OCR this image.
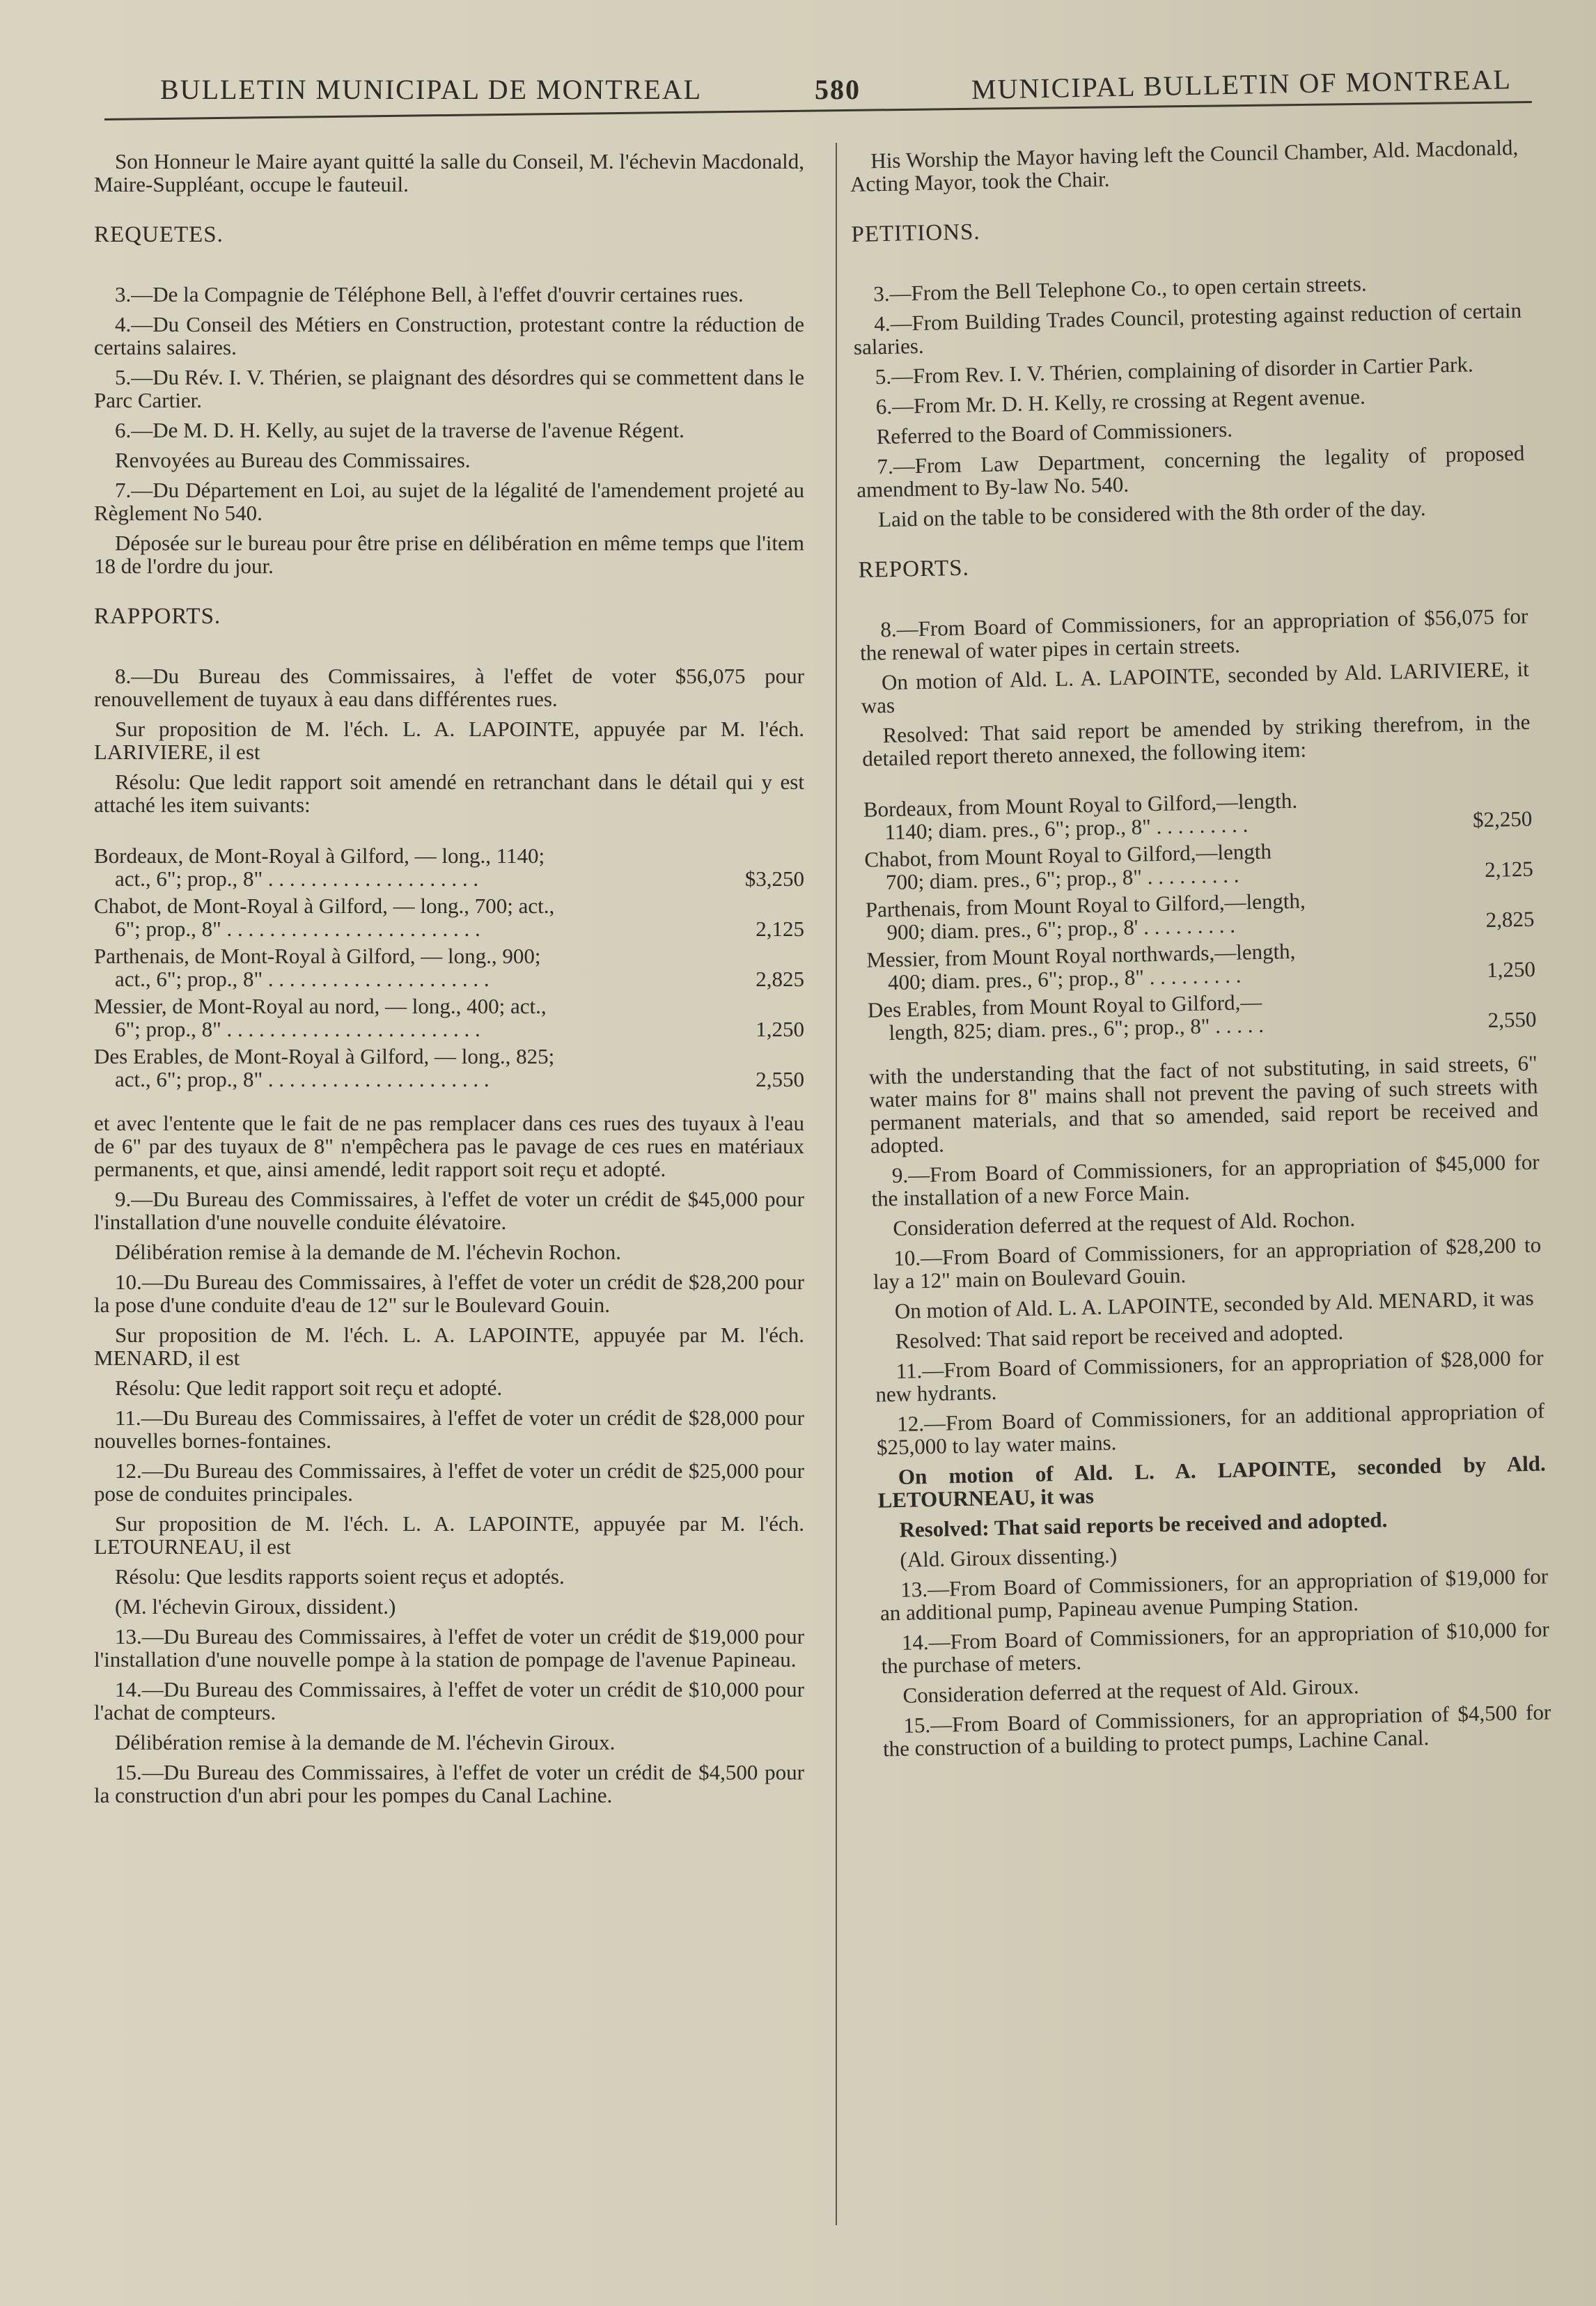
BULLETIN MUNICIPAL DE MONTREAL	580	MUNICIPAL BULLETIN OF MONTREAL

Son Honneur le Maire ayant quitté la salle du Conseil, M. l'échevin Macdonald, Maire-Suppléant, occupe le fauteuil.

REQUETES.

3.—De la Compagnie de Téléphone Bell, à l'effet d'ouvrir certaines rues.

4.—Du Conseil des Métiers en Construction, protestant contre la réduction de certains salaires.

5.—Du Rév. I. V. Thérien, se plaignant des désordres qui se commettent dans le Parc Cartier.

6.—De M. D. H. Kelly, au sujet de la traverse de l'avenue Régent.

Renvoyées au Bureau des Commissaires.

7.—Du Département en Loi, au sujet de la légalité de l'amendement projeté au Règlement No 540.

Déposée sur le bureau pour être prise en délibération en même temps que l'item 18 de l'ordre du jour.

RAPPORTS.

8.—Du Bureau des Commissaires, à l'effet de voter $56,075 pour renouvellement de tuyaux à eau dans différentes rues.

Sur proposition de M. l'éch. L. A. LAPOINTE, appuyée par M. l'éch. LARIVIERE, il est

Résolu: Que ledit rapport soit amendé en retranchant dans le détail qui y est attaché les item suivants:

Bordeaux, de Mont-Royal à Gilford, — long., 1140;
act., 6"; prop., 8" . . . . . . . . . . . . . . . . . . . .	$3,250
Chabot, de Mont-Royal à Gilford, — long., 700; act.,
6"; prop., 8" . . . . . . . . . . . . . . . . . . . . . . . .	2,125
Parthenais, de Mont-Royal à Gilford, — long., 900;
act., 6"; prop., 8" . . . . . . . . . . . . . . . . . . . . .	2,825
Messier, de Mont-Royal au nord, — long., 400; act.,
6"; prop., 8" . . . . . . . . . . . . . . . . . . . . . . . .	1,250
Des Erables, de Mont-Royal à Gilford, — long., 825;
act., 6"; prop., 8" . . . . . . . . . . . . . . . . . . . . .	2,550

et avec l'entente que le fait de ne pas remplacer dans ces rues des tuyaux à l'eau de 6" par des tuyaux de 8" n'empêchera pas le pavage de ces rues en matériaux permanents, et que, ainsi amendé, ledit rapport soit reçu et adopté.

9.—Du Bureau des Commissaires, à l'effet de voter un crédit de $45,000 pour l'installation d'une nouvelle conduite élévatoire.

Délibération remise à la demande de M. l'échevin Rochon.

10.—Du Bureau des Commissaires, à l'effet de voter un crédit de $28,200 pour la pose d'une conduite d'eau de 12" sur le Boulevard Gouin.

Sur proposition de M. l'éch. L. A. LAPOINTE, appuyée par M. l'éch. MENARD, il est

Résolu: Que ledit rapport soit reçu et adopté.

11.—Du Bureau des Commissaires, à l'effet de voter un crédit de $28,000 pour nouvelles bornes-fontaines.

12.—Du Bureau des Commissaires, à l'effet de voter un crédit de $25,000 pour pose de conduites principales.

Sur proposition de M. l'éch. L. A. LAPOINTE, appuyée par M. l'éch. LETOURNEAU, il est

Résolu: Que lesdits rapports soient reçus et adoptés.

(M. l'échevin Giroux, dissident.)

13.—Du Bureau des Commissaires, à l'effet de voter un crédit de $19,000 pour l'installation d'une nouvelle pompe à la station de pompage de l'avenue Papineau.

14.—Du Bureau des Commissaires, à l'effet de voter un crédit de $10,000 pour l'achat de compteurs.

Délibération remise à la demande de M. l'échevin Giroux.

15.—Du Bureau des Commissaires, à l'effet de voter un crédit de $4,500 pour la construction d'un abri pour les pompes du Canal Lachine.

His Worship the Mayor having left the Council Chamber, Ald. Macdonald, Acting Mayor, took the Chair.

PETITIONS.

3.—From the Bell Telephone Co., to open certain streets.

4.—From Building Trades Council, protesting against reduction of certain salaries.

5.—From Rev. I. V. Thérien, complaining of disorder in Cartier Park.

6.—From Mr. D. H. Kelly, re crossing at Regent avenue.

Referred to the Board of Commissioners.

7.—From Law Department, concerning the legality of proposed amendment to By-law No. 540.

Laid on the table to be considered with the 8th order of the day.

REPORTS.

8.—From Board of Commissioners, for an appropriation of $56,075 for the renewal of water pipes in certain streets.

On motion of Ald. L. A. LAPOINTE, seconded by Ald. LARIVIERE, it was

Resolved: That said report be amended by striking therefrom, in the detailed report thereto annexed, the following item:

Bordeaux, from Mount Royal to Gilford,—length.
1140; diam. pres., 6"; prop., 8" . . . . . . . . .	$2,250
Chabot, from Mount Royal to Gilford,—length
700; diam. pres., 6"; prop., 8" . . . . . . . . .	2,125
Parthenais, from Mount Royal to Gilford,—length,
900; diam. pres., 6"; prop., 8' . . . . . . . . .	2,825
Messier, from Mount Royal northwards,—length,
400; diam. pres., 6"; prop., 8" . . . . . . . . .	1,250
Des Erables, from Mount Royal to Gilford,—
length, 825; diam. pres., 6"; prop., 8" . . . . .	2,550

with the understanding that the fact of not substituting, in said streets, 6" water mains for 8" mains shall not prevent the paving of such streets with permanent materials, and that so amended, said report be received and adopted.

9.—From Board of Commissioners, for an appropriation of $45,000 for the installation of a new Force Main.

Consideration deferred at the request of Ald. Rochon.

10.—From Board of Commissioners, for an appropriation of $28,200 to lay a 12" main on Boulevard Gouin.

On motion of Ald. L. A. LAPOINTE, seconded by Ald. MENARD, it was

Resolved: That said report be received and adopted.

11.—From Board of Commissioners, for an appropriation of $28,000 for new hydrants.

12.—From Board of Commissioners, for an additional appropriation of $25,000 to lay water mains.

On motion of Ald. L. A. LAPOINTE, seconded by Ald. LETOURNEAU, it was

Resolved: That said reports be received and adopted.

(Ald. Giroux dissenting.)

13.—From Board of Commissioners, for an appropriation of $19,000 for an additional pump, Papineau avenue Pumping Station.

14.—From Board of Commissioners, for an appropriation of $10,000 for the purchase of meters.

Consideration deferred at the request of Ald. Giroux.

15.—From Board of Commissioners, for an appropriation of $4,500 for the construction of a building to protect pumps, Lachine Canal.
